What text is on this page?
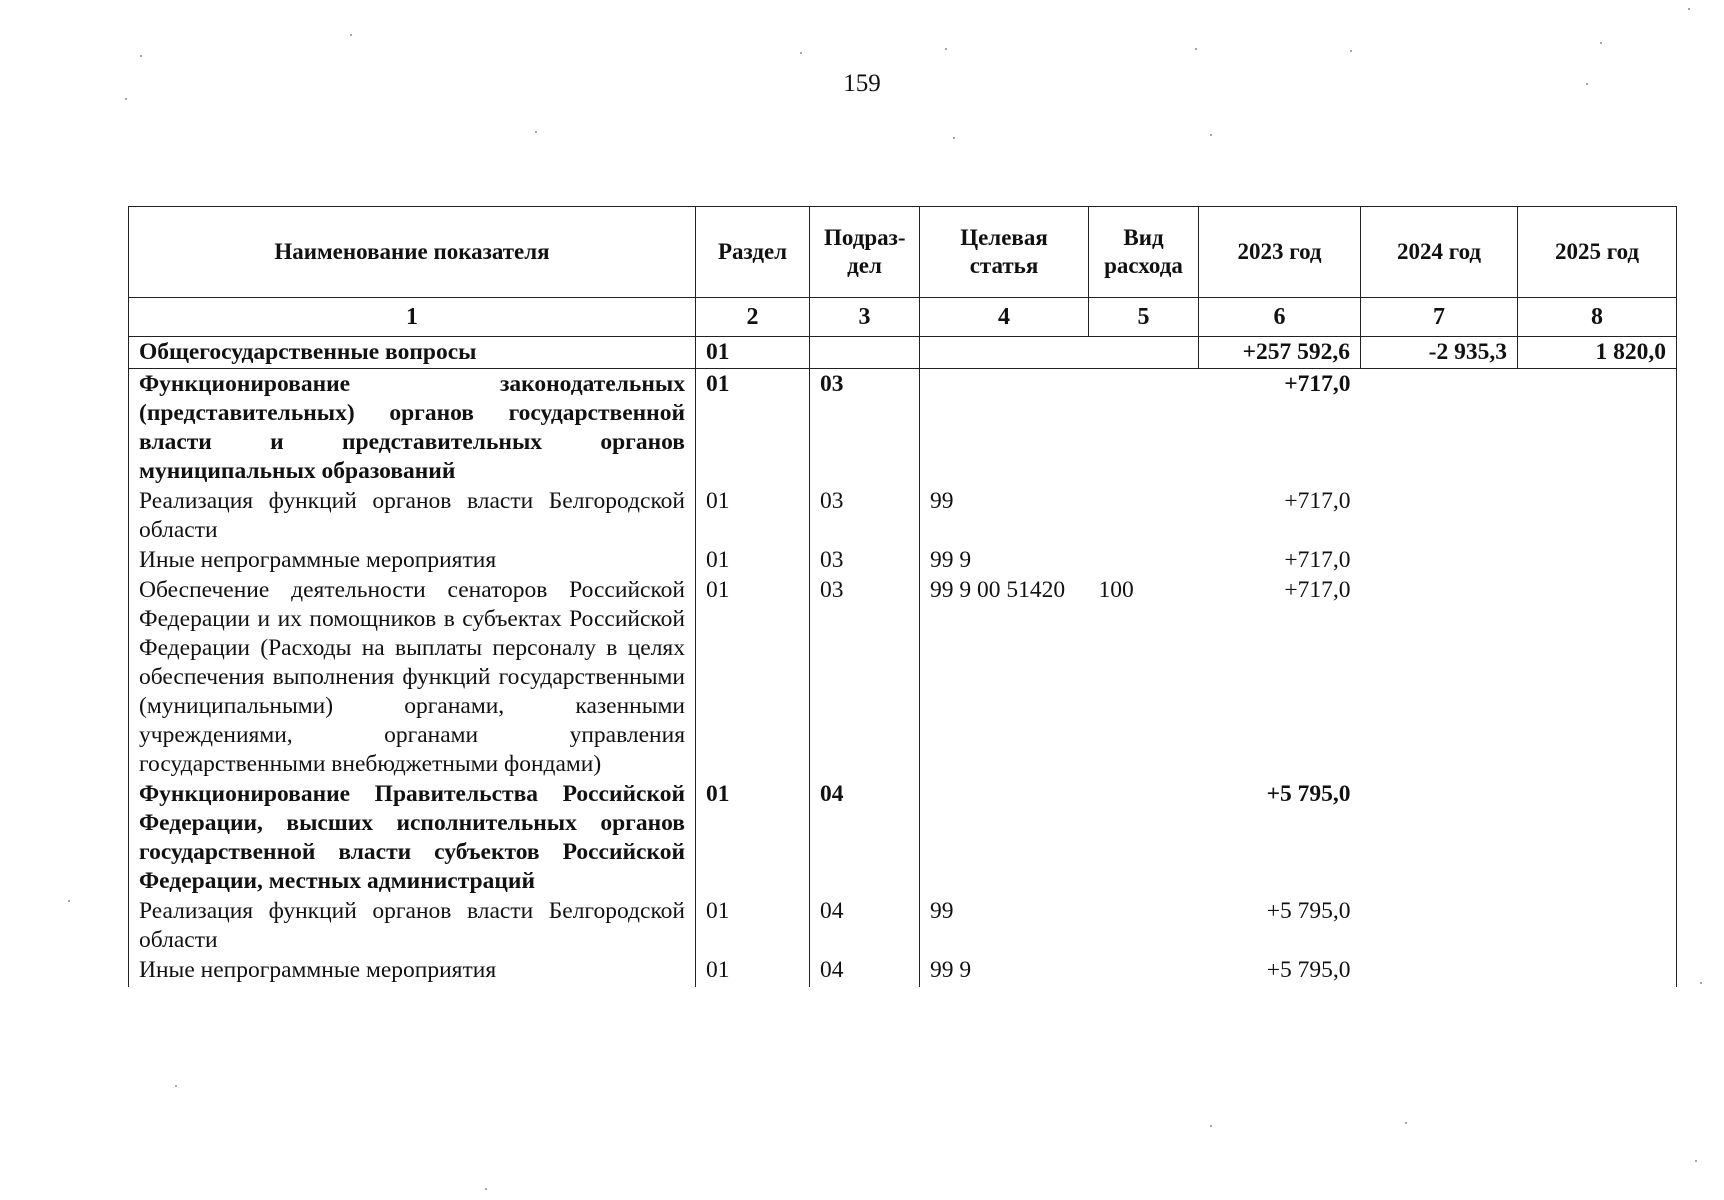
159
Наименование показателя	Раздел	Подраз-дел	Целевая статья	Вид расхода	2023 год	2024 год	2025 год
1	2	3	4	5	6	7	8
Общегосударственные вопросы	01				+257 592,6	-2 935,3	1 820,0
Функционирование законодательных (представительных) органов государственной власти и представительных органов муниципальных образований	01	03			+717,0		
Реализация функций органов власти Белгородской области	01	03	99		+717,0		
Иные непрограммные мероприятия	01	03	99 9		+717,0		
Обеспечение деятельности сенаторов Российской Федерации и их помощников в субъектах Российской Федерации (Расходы на выплаты персоналу в целях обеспечения выполнения функций государственными (муниципальными) органами, казенными учреждениями, органами управления государственными внебюджетными фондами)	01	03	99 9 00 51420	100	+717,0		
Функционирование Правительства Российской Федерации, высших исполнительных органов государственной власти субъектов Российской Федерации, местных администраций	01	04			+5 795,0		
Реализация функций органов власти Белгородской области	01	04	99		+5 795,0		
Иные непрограммные мероприятия	01	04	99 9		+5 795,0		
